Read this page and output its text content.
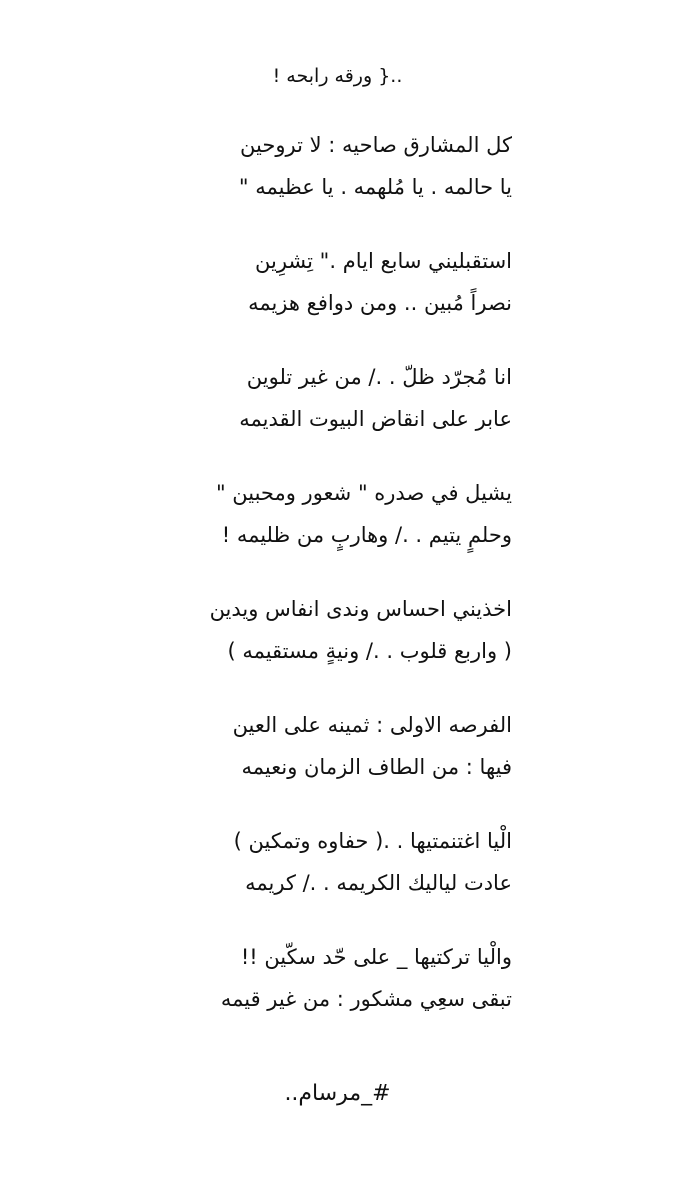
..{ ورقه رابحه !
كل المشارق صاحيه : لا تروحين
يا حالمه . يا مُلهمه . يا عظيمه "
استقبليني سابع ايام ." تِشرِين
نصراً مُبين .. ومن دوافع هزيمه
انا مُجرّد ظلّ . ./ من غير تلوين
عابر على انقاض البيوت القديمه
يشيل في صدره " شعور ومحبين "
وحلمٍ يتيم . ./ وهاربٍ من ظليمه !
اخذيني احساس وندى انفاس ويدين
( واربع قلوب . ./ ونيةٍ مستقيمه )
الفرصه الاولى : ثمينه على العين
فيها : من الطاف الزمان ونعيمه
الْيا اغتنمتيها . .( حفاوه وتمكين )
عادت لياليك الكريمه . ./ كريمه
والْيا تركتيها _ على حّد سكّين !!
تبقى سعِي مشكور : من غير قيمه
#_مرسام..
